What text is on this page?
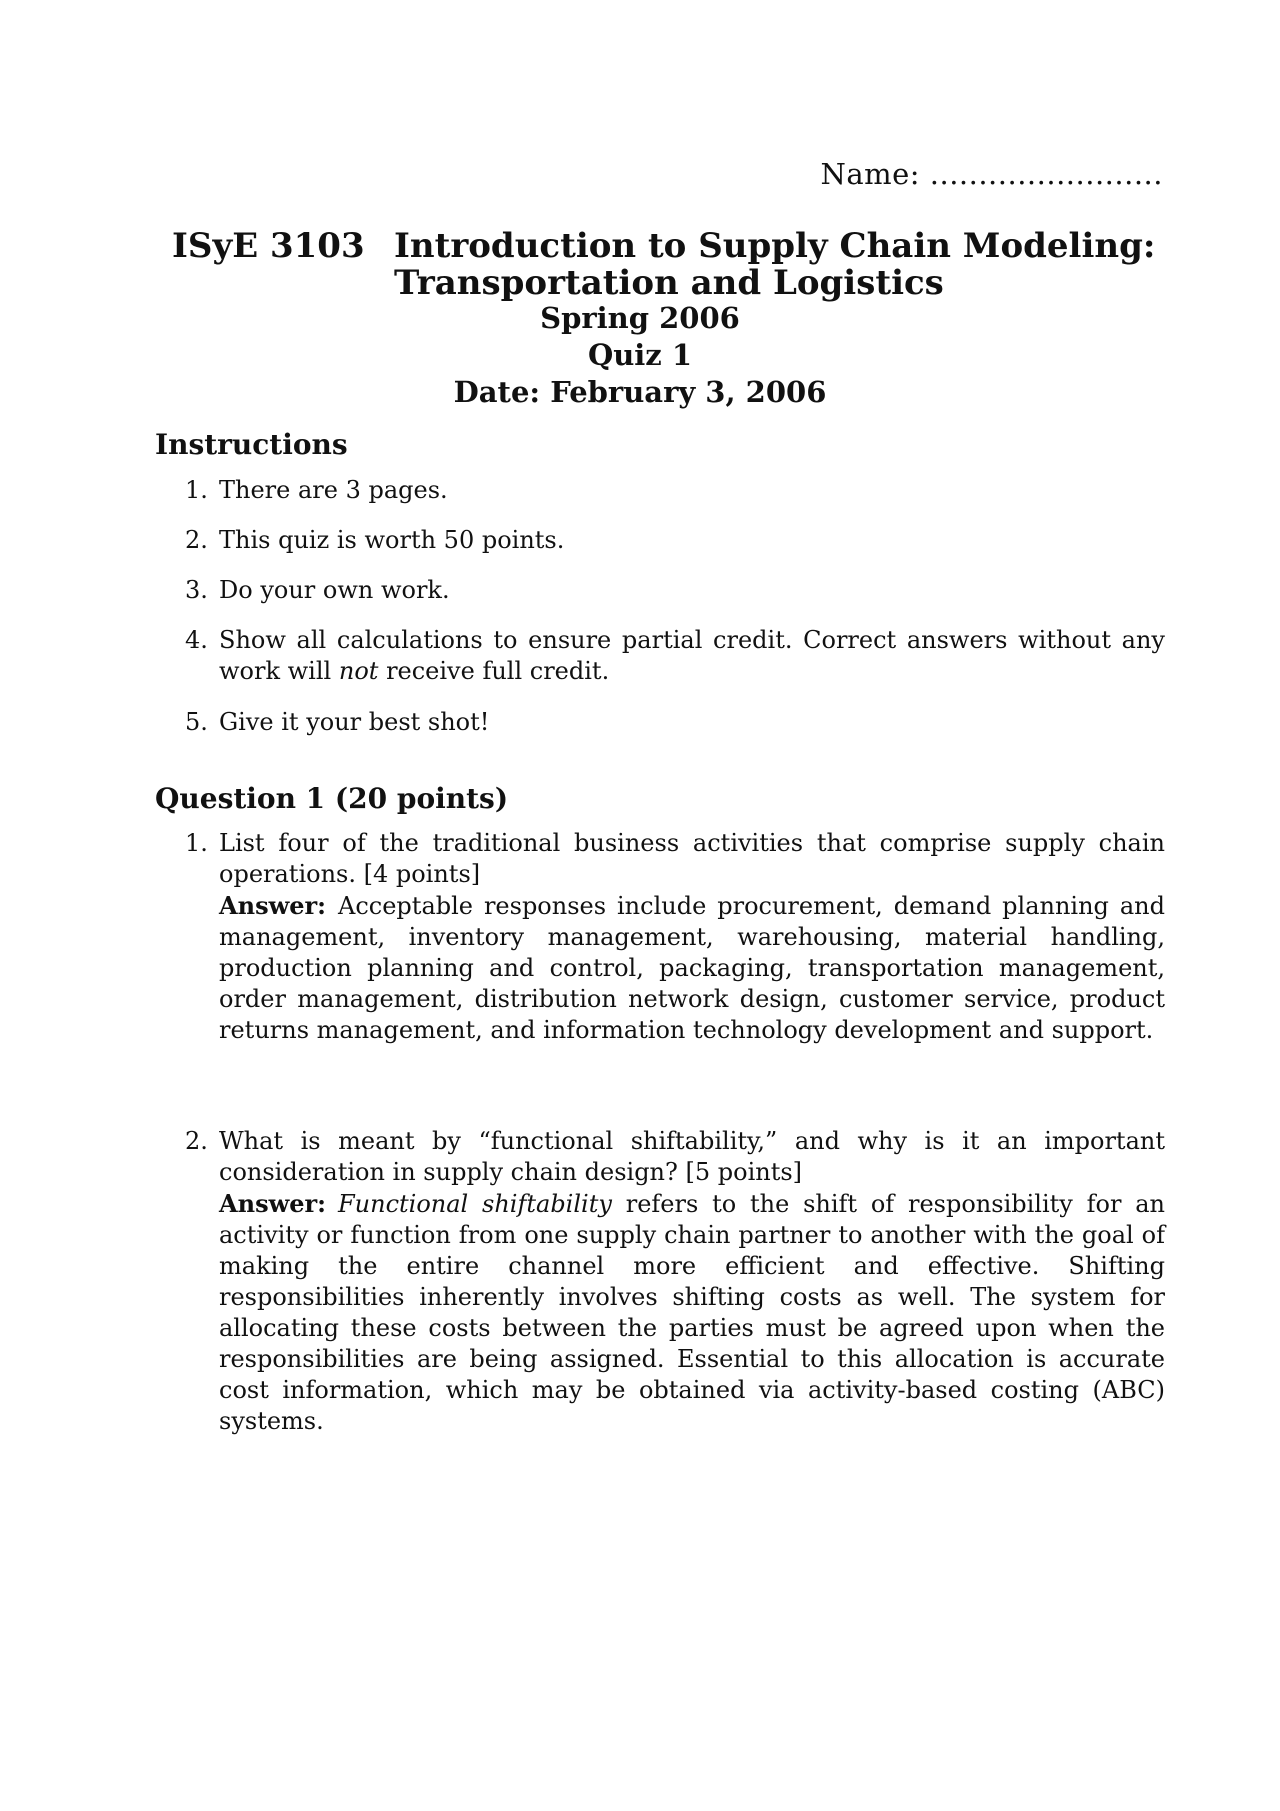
Name: ........................
ISyE 3103 Introduction to Supply Chain Modeling:
Transportation and Logistics
Spring 2006
Quiz 1
Date: February 3, 2006
Instructions
1. There are 3 pages.
2. This quiz is worth 50 points.
3. Do your own work.
4. Show all calculations to ensure partial credit. Correct answers without any work will not receive full credit.
5. Give it your best shot!
Question 1 (20 points)
1. List four of the traditional business activities that comprise supply chain operations. [4 points]
Answer: Acceptable responses include procurement, demand planning and management, inventory management, warehousing, material handling, production planning and control, packaging, transportation management, order management, distribution network design, customer service, product returns management, and information technology development and support.
2. What is meant by “functional shiftability,” and why is it an important consideration in supply chain design? [5 points]
Answer: Functional shiftability refers to the shift of responsibility for an activity or function from one supply chain partner to another with the goal of making the entire channel more efficient and effective. Shifting responsibilities inherently involves shifting costs as well. The system for allocating these costs between the parties must be agreed upon when the responsibilities are being assigned. Essential to this allocation is accurate cost information, which may be obtained via activity-based costing (ABC) systems.
